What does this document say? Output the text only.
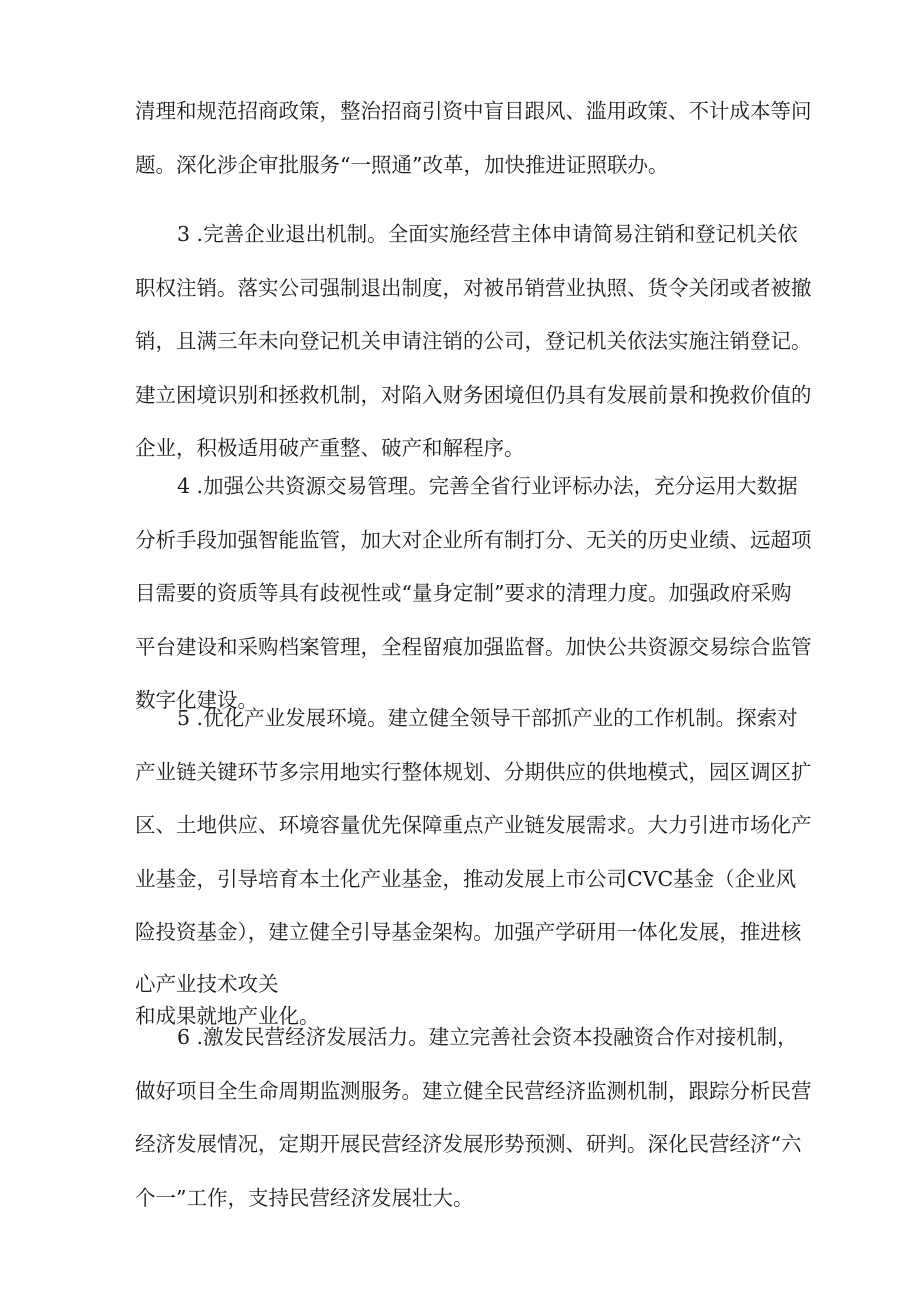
清理和规范招商政策，整治招商引资中盲目跟风、滥用政策、不计成本等问
题。深化涉企审批服务“一照通”改革，加快推进证照联办。
3 .完善企业退出机制。全面实施经营主体申请简易注销和登记机关依
职权注销。落实公司强制退出制度，对被吊销营业执照、货令关闭或者被撤
销，且满三年未向登记机关申请注销的公司，登记机关依法实施注销登记。
建立困境识别和拯救机制，对陷入财务困境但仍具有发展前景和挽救价值的
企业，积极适用破产重整、破产和解程序。
4 .加强公共资源交易管理。完善全省行业评标办法，充分运用大数据
分析手段加强智能监管，加大对企业所有制打分、无关的历史业绩、远超项
目需要的资质等具有歧视性或“量身定制”要求的清理力度。加强政府采购
平台建设和采购档案管理，全程留痕加强监督。加快公共资源交易综合监管
数字化建设。
5 .优化产业发展环境。建立健全领导干部抓产业的工作机制。探索对
产业链关键环节多宗用地实行整体规划、分期供应的供地模式，园区调区扩
区、土地供应、环境容量优先保障重点产业链发展需求。大力引进市场化产
业基金，引导培育本土化产业基金，推动发展上市公司CVC基金（企业风
险投资基金），建立健全引导基金架构。加强产学研用一体化发展，推进核
心产业技术攻关
和成果就地产业化。
6 .激发民营经济发展活力。建立完善社会资本投融资合作对接机制，
做好项目全生命周期监测服务。建立健全民营经济监测机制，跟踪分析民营
经济发展情况，定期开展民营经济发展形势预测、研判。深化民营经济“六
个一”工作，支持民营经济发展壮大。
